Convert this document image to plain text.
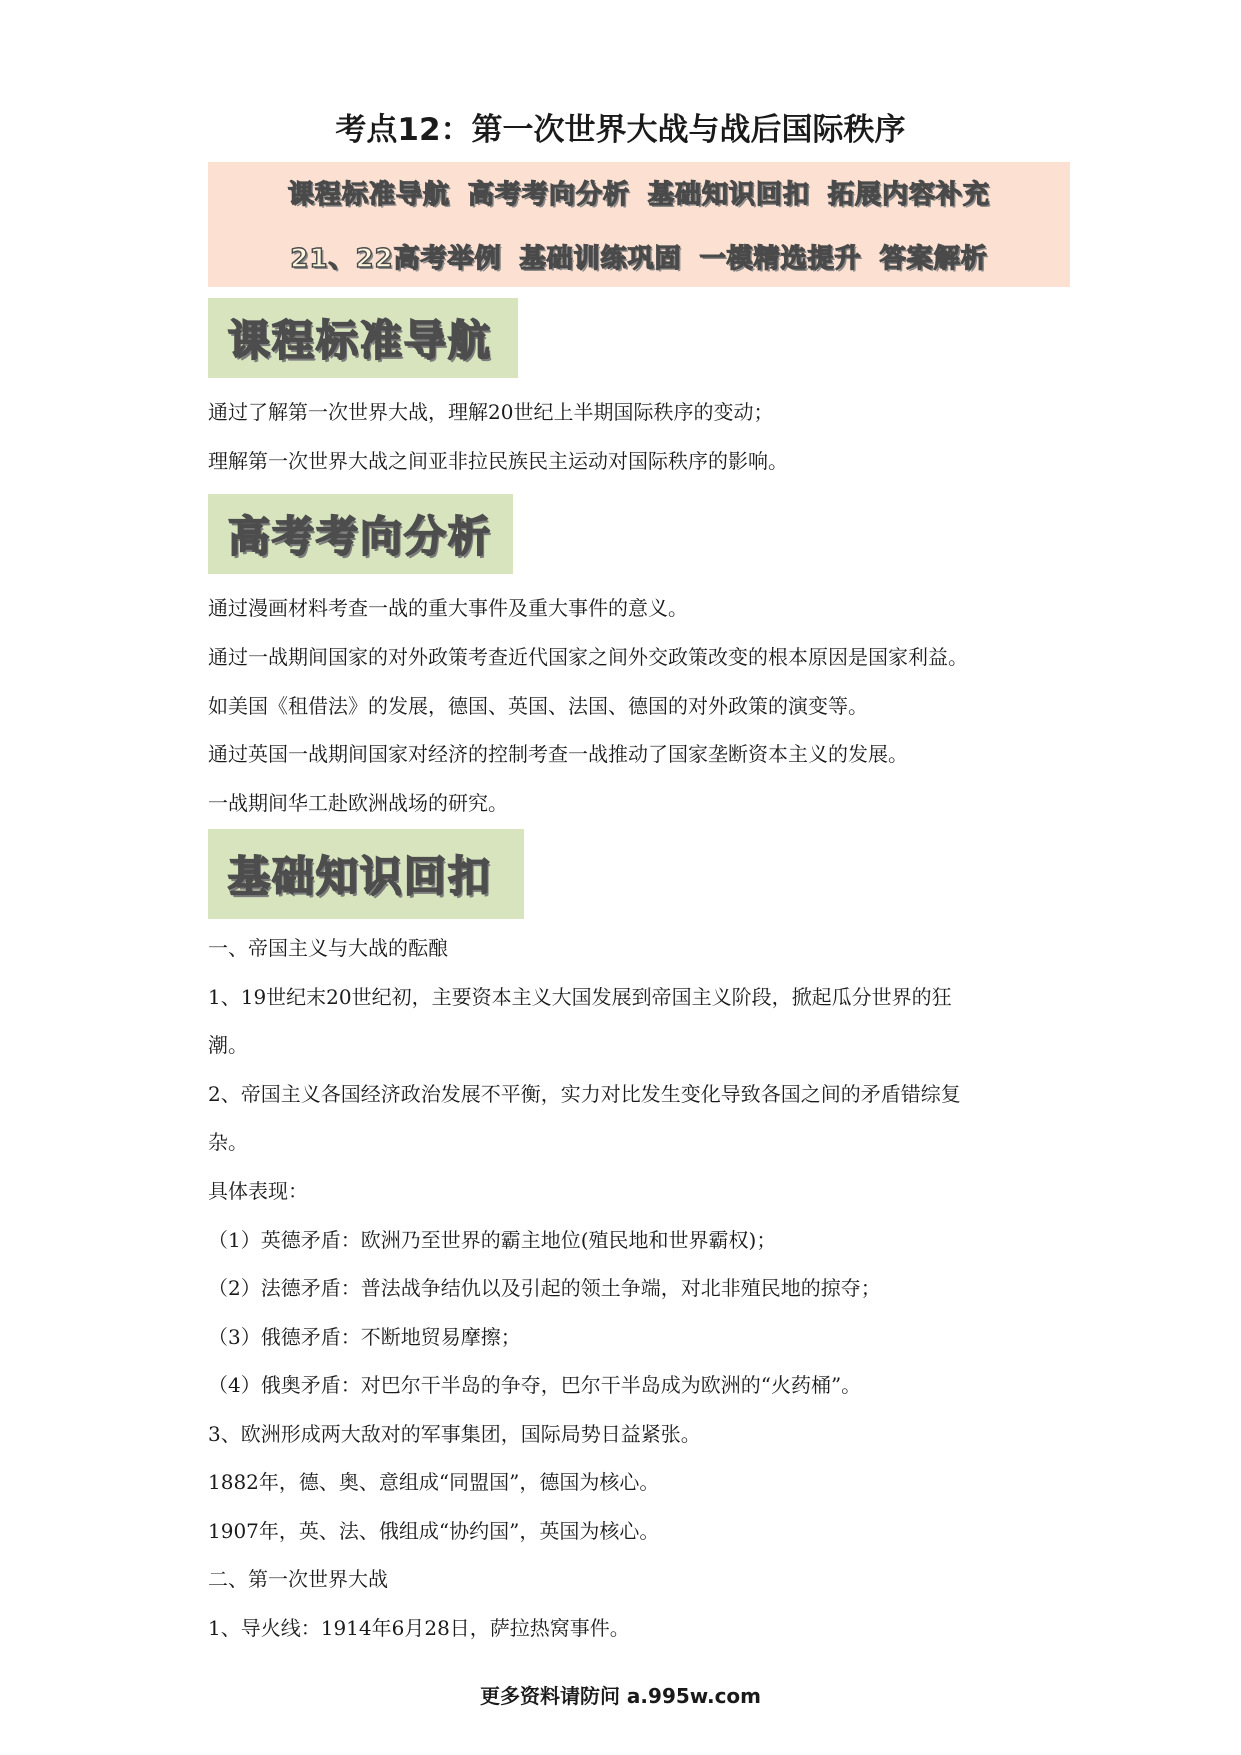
考点12：第一次世界大战与战后国际秩序
课程标准导航 高考考向分析 基础知识回扣 拓展内容补充
21、22高考举例 基础训练巩固 一模精选提升 答案解析
课程标准导航
通过了解第一次世界大战，理解20世纪上半期国际秩序的变动；
理解第一次世界大战之间亚非拉民族民主运动对国际秩序的影响。
高考考向分析
通过漫画材料考查一战的重大事件及重大事件的意义。
通过一战期间国家的对外政策考查近代国家之间外交政策改变的根本原因是国家利益。
如美国《租借法》的发展，德国、英国、法国、德国的对外政策的演变等。
通过英国一战期间国家对经济的控制考查一战推动了国家垄断资本主义的发展。
一战期间华工赴欧洲战场的研究。
基础知识回扣
一、帝国主义与大战的酝酿
1、19世纪末20世纪初，主要资本主义大国发展到帝国主义阶段，掀起瓜分世界的狂
潮。
2、帝国主义各国经济政治发展不平衡，实力对比发生变化导致各国之间的矛盾错综复
杂。
具体表现：
（1）英德矛盾：欧洲乃至世界的霸主地位(殖民地和世界霸权)；
（2）法德矛盾：普法战争结仇以及引起的领土争端，对北非殖民地的掠夺；
（3）俄德矛盾：不断地贸易摩擦；
（4）俄奥矛盾：对巴尔干半岛的争夺，巴尔干半岛成为欧洲的“火药桶”。
3、欧洲形成两大敌对的军事集团，国际局势日益紧张。
1882年，德、奥、意组成“同盟国”，德国为核心。
1907年，英、法、俄组成“协约国”，英国为核心。
二、第一次世界大战
1、导火线：1914年6月28日，萨拉热窝事件。
更多资料请防问 a.995w.com
